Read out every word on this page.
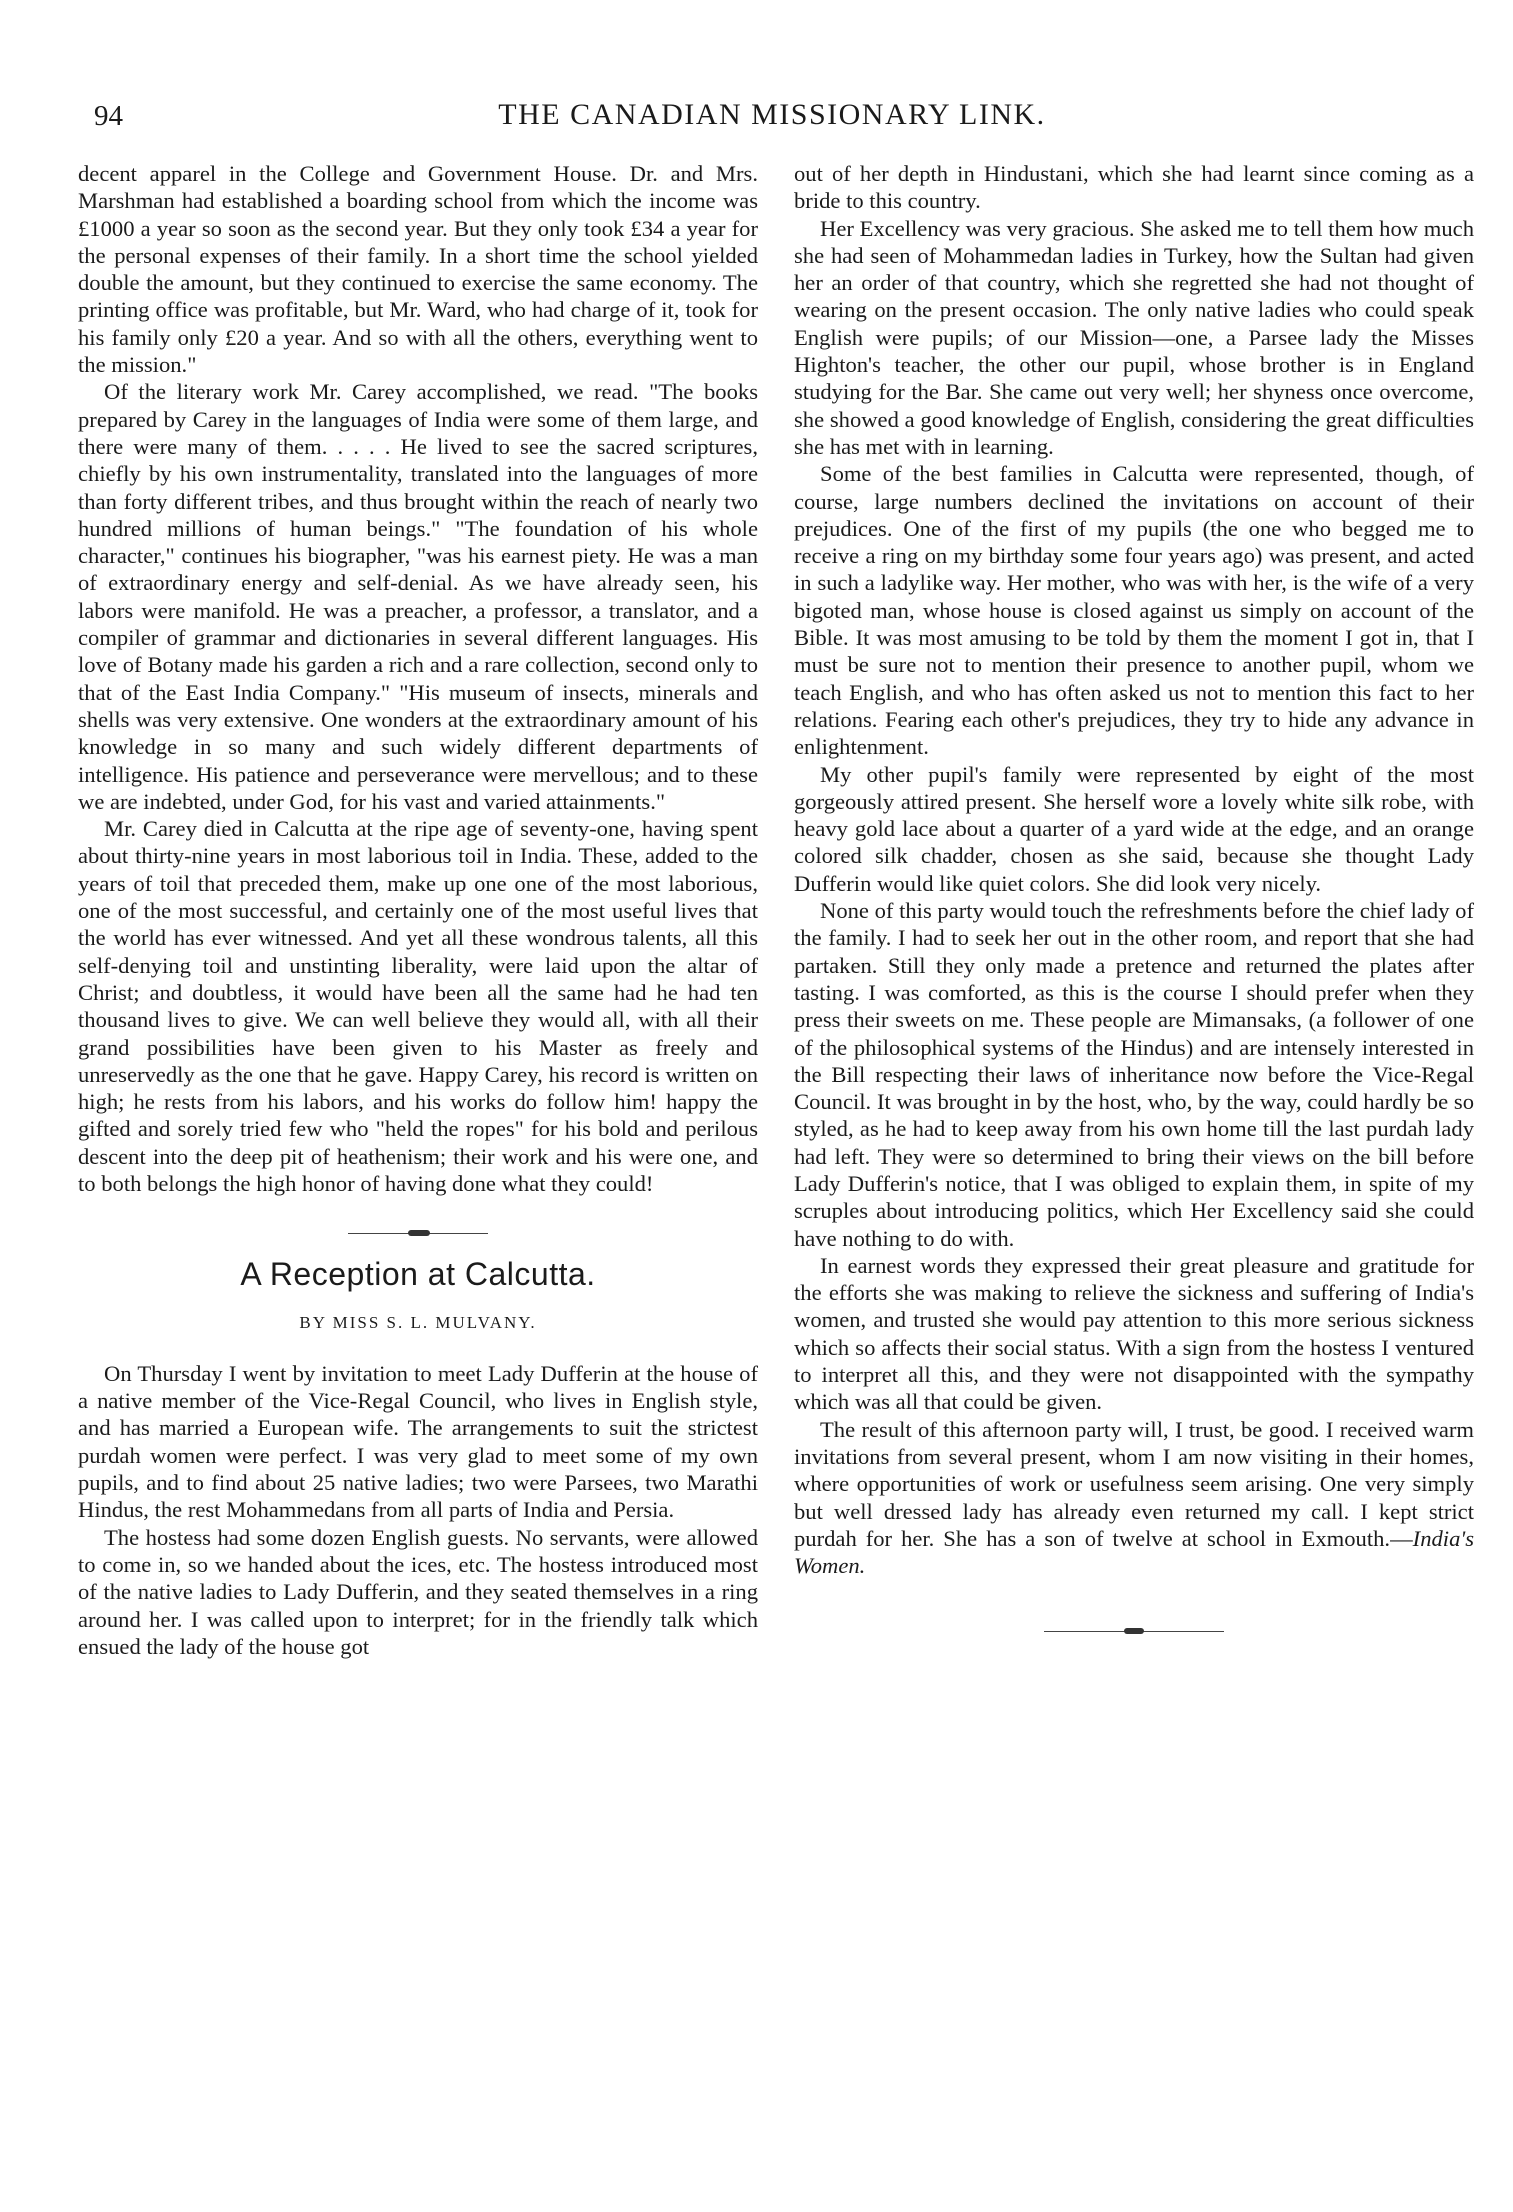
94	THE CANADIAN MISSIONARY LINK.

decent apparel in the College and Government House. Dr. and Mrs. Marshman had established a boarding school from which the income was £1000 a year so soon as the second year. But they only took £34 a year for the personal expenses of their family. In a short time the school yielded double the amount, but they continued to exercise the same economy. The printing office was profitable, but Mr. Ward, who had charge of it, took for his family only £20 a year. And so with all the others, everything went to the mission."

Of the literary work Mr. Carey accomplished, we read. "The books prepared by Carey in the languages of India were some of them large, and there were many of them. . . . . He lived to see the sacred scriptures, chiefly by his own instrumentality, translated into the languages of more than forty different tribes, and thus brought within the reach of nearly two hundred millions of human beings." "The foundation of his whole character," continues his biographer, "was his earnest piety. He was a man of extraordinary energy and self-denial. As we have already seen, his labors were manifold. He was a preacher, a professor, a translator, and a compiler of grammar and dictionaries in several different languages. His love of Botany made his garden a rich and a rare collection, second only to that of the East India Company." "His museum of insects, minerals and shells was very extensive. One wonders at the extraordinary amount of his knowledge in so many and such widely different departments of intelligence. His patience and perseverance were mervellous; and to these we are indebted, under God, for his vast and varied attainments."

Mr. Carey died in Calcutta at the ripe age of seventy-one, having spent about thirty-nine years in most laborious toil in India. These, added to the years of toil that preceded them, make up one one of the most laborious, one of the most successful, and certainly one of the most useful lives that the world has ever witnessed. And yet all these wondrous talents, all this self-denying toil and unstinting liberality, were laid upon the altar of Christ; and doubtless, it would have been all the same had he had ten thousand lives to give. We can well believe they would all, with all their grand possibilities have been given to his Master as freely and unreservedly as the one that he gave. Happy Carey, his record is written on high; he rests from his labors, and his works do follow him! happy the gifted and sorely tried few who "held the ropes" for his bold and perilous descent into the deep pit of heathenism; their work and his were one, and to both belongs the high honor of having done what they could!

A Reception at Calcutta.
BY MISS S. L. MULVANY.

On Thursday I went by invitation to meet Lady Dufferin at the house of a native member of the Vice-Regal Council, who lives in English style, and has married a European wife. The arrangements to suit the strictest purdah women were perfect. I was very glad to meet some of my own pupils, and to find about 25 native ladies; two were Parsees, two Marathi Hindus, the rest Mohammedans from all parts of India and Persia.

The hostess had some dozen English guests. No servants, were allowed to come in, so we handed about the ices, etc. The hostess introduced most of the native ladies to Lady Dufferin, and they seated themselves in a ring around her. I was called upon to interpret; for in the friendly talk which ensued the lady of the house got

out of her depth in Hindustani, which she had learnt since coming as a bride to this country.

Her Excellency was very gracious. She asked me to tell them how much she had seen of Mohammedan ladies in Turkey, how the Sultan had given her an order of that country, which she regretted she had not thought of wearing on the present occasion. The only native ladies who could speak English were pupils; of our Mission—one, a Parsee lady the Misses Highton's teacher, the other our pupil, whose brother is in England studying for the Bar. She came out very well; her shyness once overcome, she showed a good knowledge of English, considering the great difficulties she has met with in learning.

Some of the best families in Calcutta were represented, though, of course, large numbers declined the invitations on account of their prejudices. One of the first of my pupils (the one who begged me to receive a ring on my birthday some four years ago) was present, and acted in such a ladylike way. Her mother, who was with her, is the wife of a very bigoted man, whose house is closed against us simply on account of the Bible. It was most amusing to be told by them the moment I got in, that I must be sure not to mention their presence to another pupil, whom we teach English, and who has often asked us not to mention this fact to her relations. Fearing each other's prejudices, they try to hide any advance in enlightenment.

My other pupil's family were represented by eight of the most gorgeously attired present. She herself wore a lovely white silk robe, with heavy gold lace about a quarter of a yard wide at the edge, and an orange colored silk chadder, chosen as she said, because she thought Lady Dufferin would like quiet colors. She did look very nicely.

None of this party would touch the refreshments before the chief lady of the family. I had to seek her out in the other room, and report that she had partaken. Still they only made a pretence and returned the plates after tasting. I was comforted, as this is the course I should prefer when they press their sweets on me. These people are Mimansaks, (a follower of one of the philosophical systems of the Hindus) and are intensely interested in the Bill respecting their laws of inheritance now before the Vice-Regal Council. It was brought in by the host, who, by the way, could hardly be so styled, as he had to keep away from his own home till the last purdah lady had left. They were so determined to bring their views on the bill before Lady Dufferin's notice, that I was obliged to explain them, in spite of my scruples about introducing politics, which Her Excellency said she could have nothing to do with.

In earnest words they expressed their great pleasure and gratitude for the efforts she was making to relieve the sickness and suffering of India's women, and trusted she would pay attention to this more serious sickness which so affects their social status. With a sign from the hostess I ventured to interpret all this, and they were not disappointed with the sympathy which was all that could be given.

The result of this afternoon party will, I trust, be good. I received warm invitations from several present, whom I am now visiting in their homes, where opportunities of work or usefulness seem arising. One very simply but well dressed lady has already even returned my call. I kept strict purdah for her. She has a son of twelve at school in Exmouth.—India's Women.
